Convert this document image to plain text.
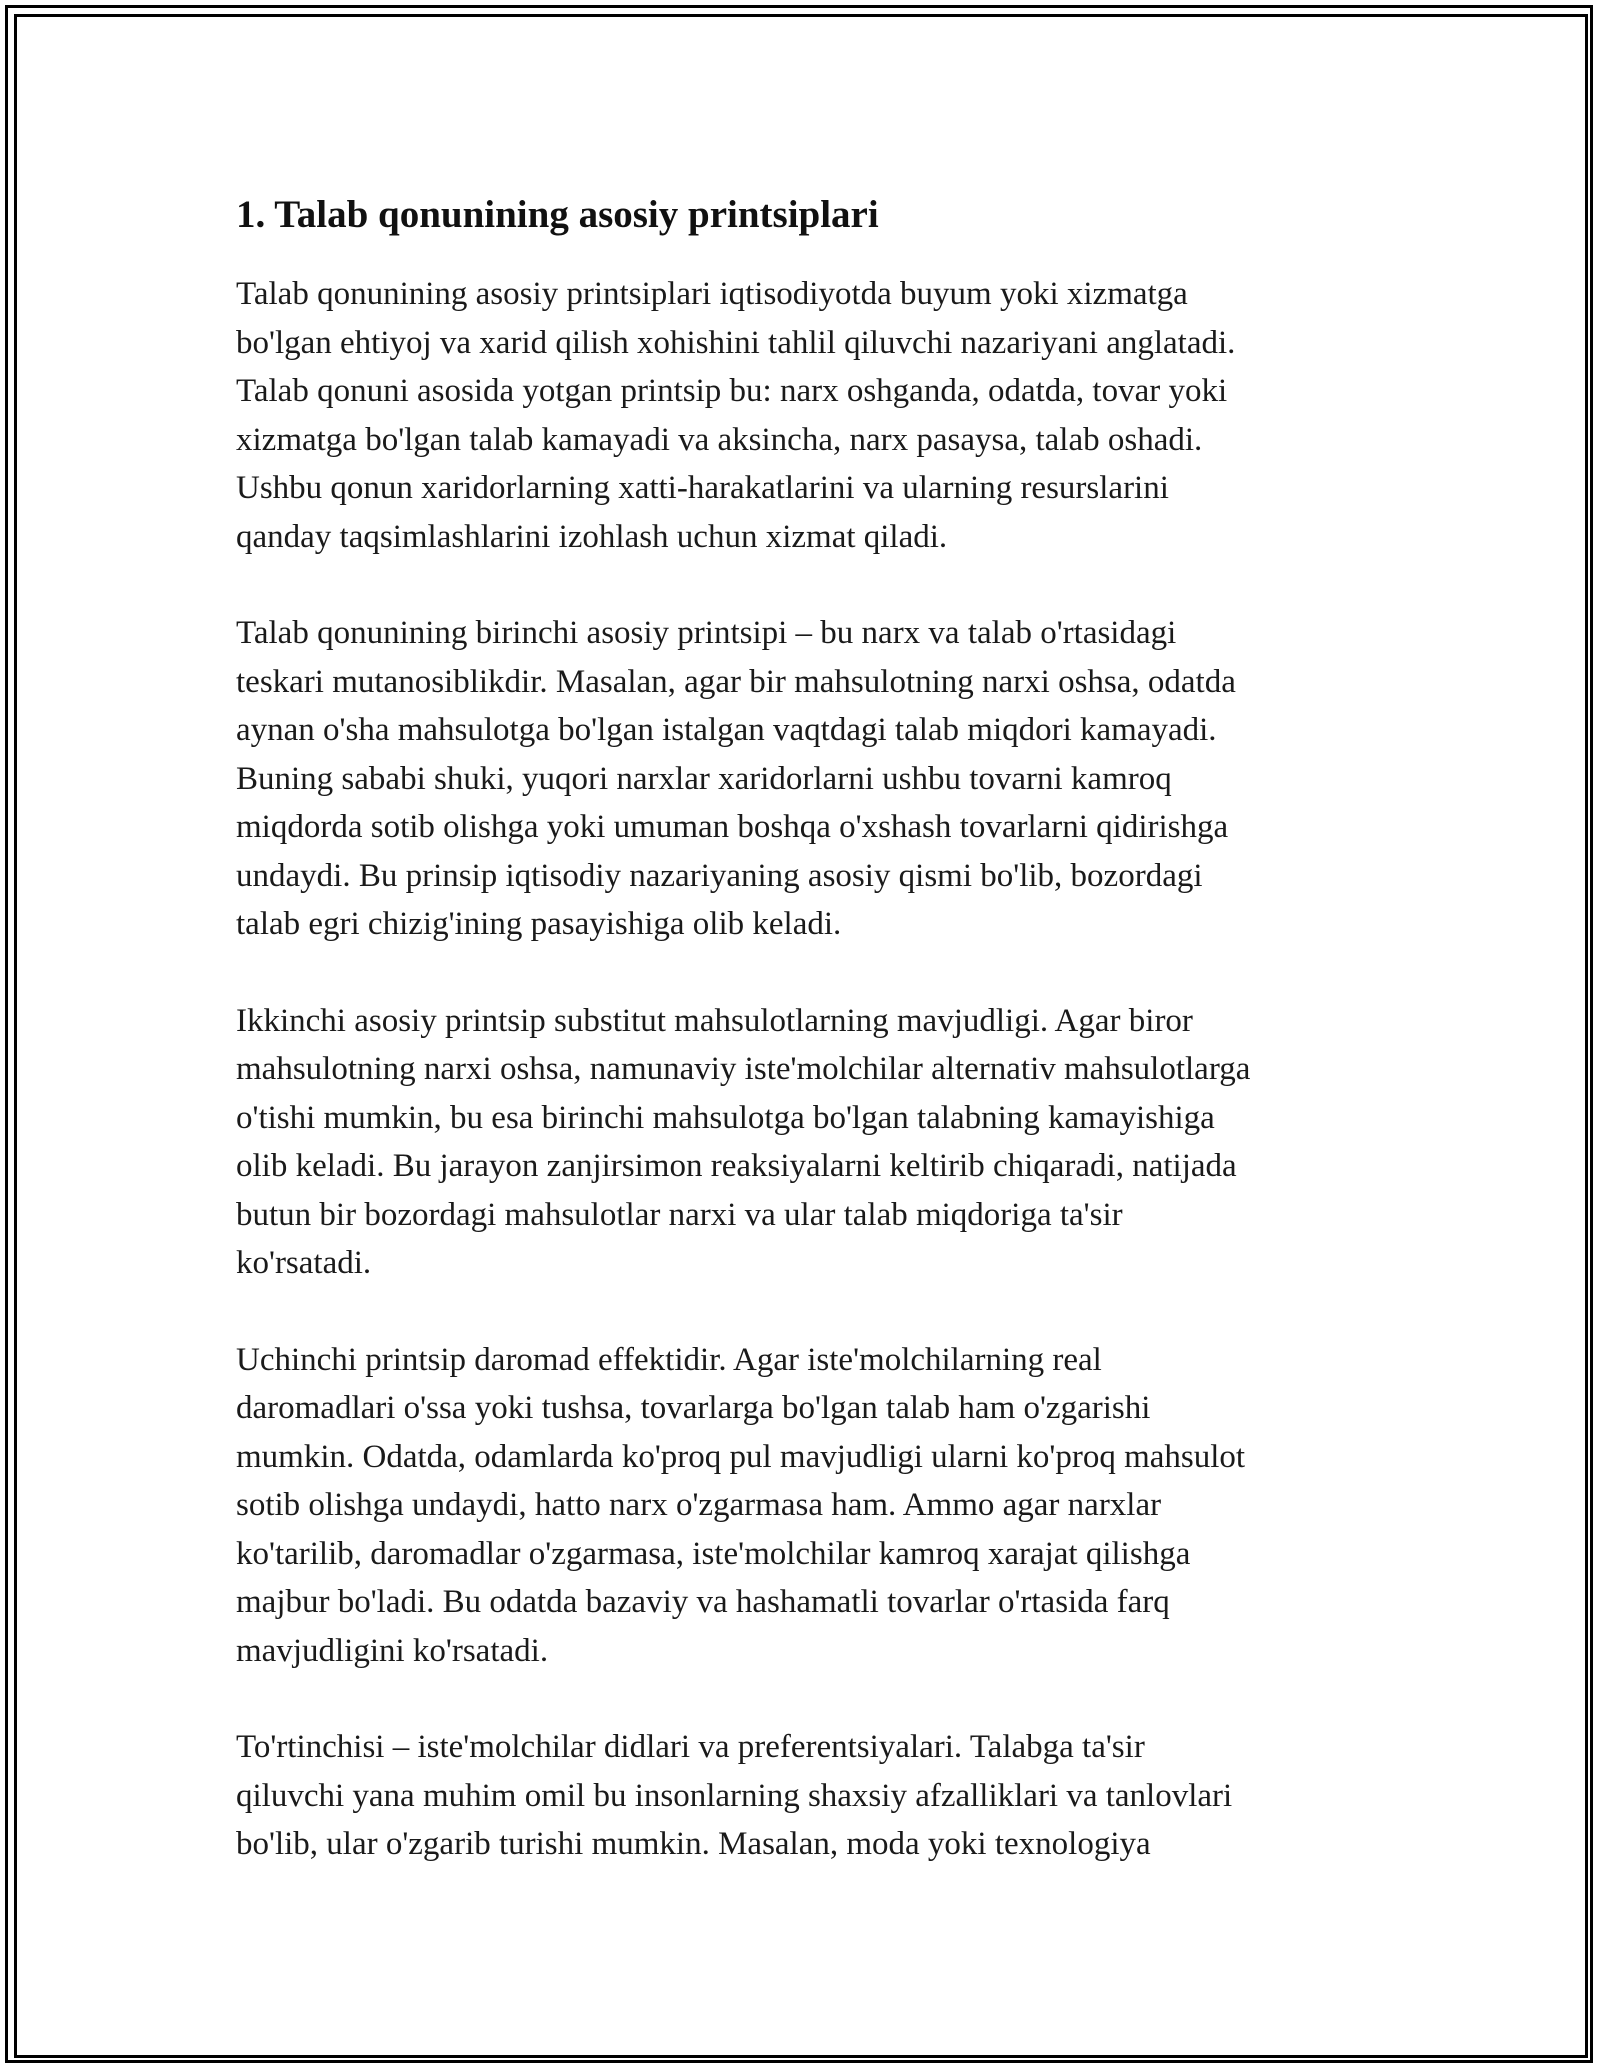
1. Talab qonunining asosiy printsiplari

Talab qonunining asosiy printsiplari iqtisodiyotda buyum yoki xizmatga
bo'lgan ehtiyoj va xarid qilish xohishini tahlil qiluvchi nazariyani anglatadi.
Talab qonuni asosida yotgan printsip bu: narx oshganda, odatda, tovar yoki
xizmatga bo'lgan talab kamayadi va aksincha, narx pasaysa, talab oshadi.
Ushbu qonun xaridorlarning xatti-harakatlarini va ularning resurslarini
qanday taqsimlashlarini izohlash uchun xizmat qiladi.

Talab qonunining birinchi asosiy printsipi – bu narx va talab o'rtasidagi
teskari mutanosiblikdir. Masalan, agar bir mahsulotning narxi oshsa, odatda
aynan o'sha mahsulotga bo'lgan istalgan vaqtdagi talab miqdori kamayadi.
Buning sababi shuki, yuqori narxlar xaridorlarni ushbu tovarni kamroq
miqdorda sotib olishga yoki umuman boshqa o'xshash tovarlarni qidirishga
undaydi. Bu prinsip iqtisodiy nazariyaning asosiy qismi bo'lib, bozordagi
talab egri chizig'ining pasayishiga olib keladi.

Ikkinchi asosiy printsip substitut mahsulotlarning mavjudligi. Agar biror
mahsulotning narxi oshsa, namunaviy iste'molchilar alternativ mahsulotlarga
o'tishi mumkin, bu esa birinchi mahsulotga bo'lgan talabning kamayishiga
olib keladi. Bu jarayon zanjirsimon reaksiyalarni keltirib chiqaradi, natijada
butun bir bozordagi mahsulotlar narxi va ular talab miqdoriga ta'sir
ko'rsatadi.

Uchinchi printsip daromad effektidir. Agar iste'molchilarning real
daromadlari o'ssa yoki tushsa, tovarlarga bo'lgan talab ham o'zgarishi
mumkin. Odatda, odamlarda ko'proq pul mavjudligi ularni ko'proq mahsulot
sotib olishga undaydi, hatto narx o'zgarmasa ham. Ammo agar narxlar
ko'tarilib, daromadlar o'zgarmasa, iste'molchilar kamroq xarajat qilishga
majbur bo'ladi. Bu odatda bazaviy va hashamatli tovarlar o'rtasida farq
mavjudligini ko'rsatadi.

To'rtinchisi – iste'molchilar didlari va preferentsiyalari. Talabga ta'sir
qiluvchi yana muhim omil bu insonlarning shaxsiy afzalliklari va tanlovlari
bo'lib, ular o'zgarib turishi mumkin. Masalan, moda yoki texnologiya
